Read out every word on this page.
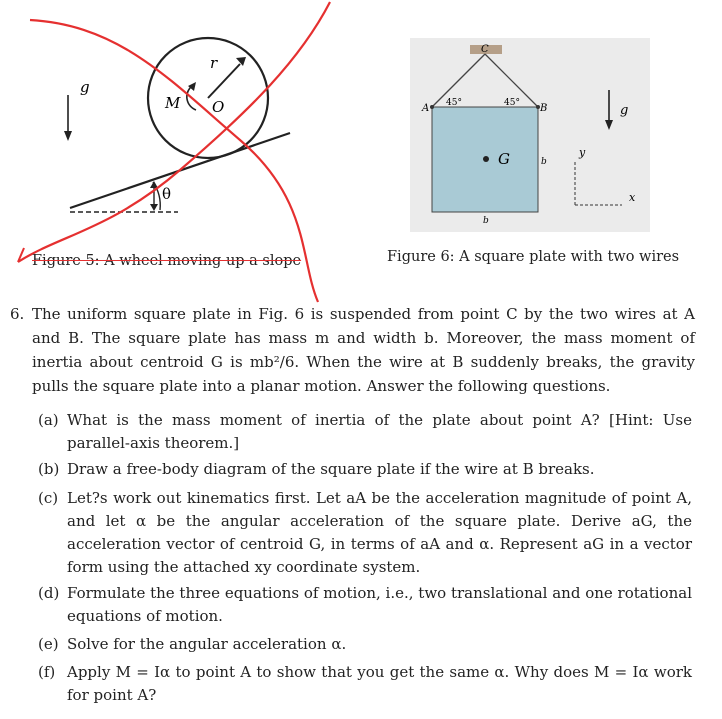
g
r
M O
θ
Figure 5: A wheel moving up a slope
C
A	B
45°	45°
G	b
b
g
y
x
Figure 6: A square plate with two wires
6. The uniform square plate in Fig. 6 is suspended from point C by the two wires at A and B. The square plate has mass m and width b. Moreover, the mass moment of inertia about centroid G is mb²/6. When the wire at B suddenly breaks, the gravity pulls the square plate into a planar motion. Answer the following questions.
(a) What is the mass moment of inertia of the plate about point A? [Hint: Use parallel-axis theorem.]
(b) Draw a free-body diagram of the square plate if the wire at B breaks.
(c) Let?s work out kinematics first. Let aA be the acceleration magnitude of point A, and let α be the angular acceleration of the square plate. Derive aG, the acceleration vector of centroid G, in terms of aA and α. Represent aG in a vector form using the attached xy coordinate system.
(d) Formulate the three equations of motion, i.e., two translational and one rotational equations of motion.
(e) Solve for the angular acceleration α.
(f) Apply M = Iα to point A to show that you get the same α. Why does M = Iα work for point A?
